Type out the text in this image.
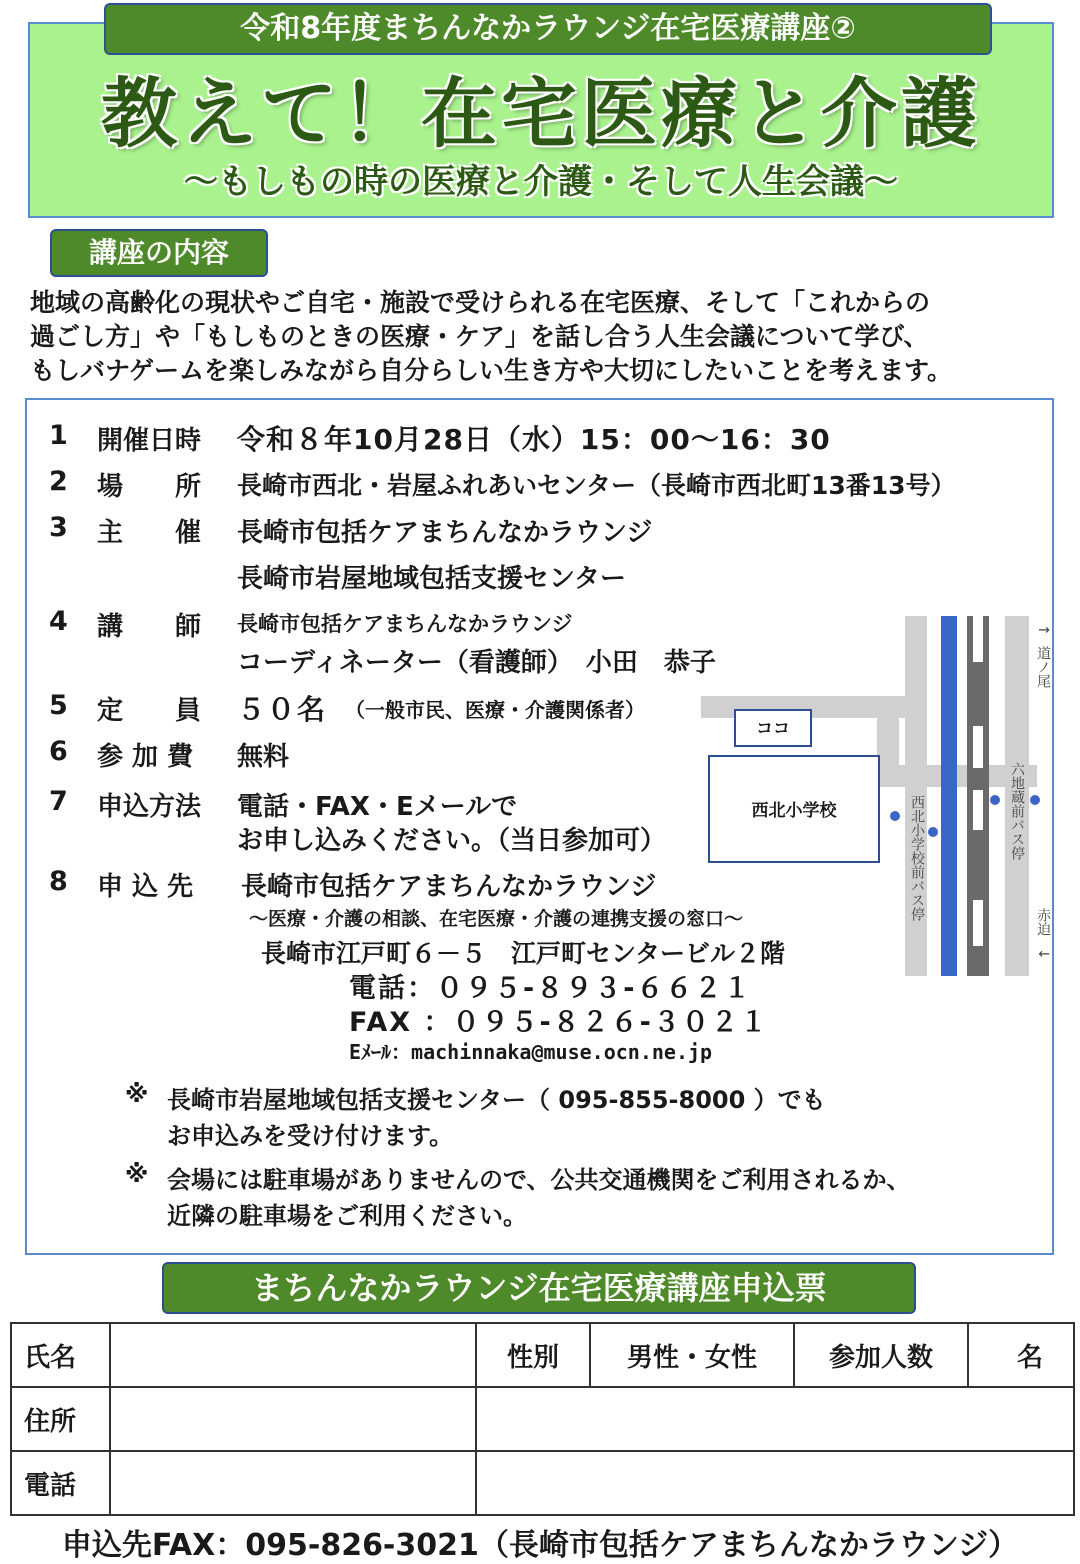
令和8年度まちんなかラウンジ在宅医療講座②
教えて！在宅医療と介護
～もしもの時の医療と介護・そして人生会議～
講座の内容
地域の高齢化の現状やご自宅・施設で受けられる在宅医療、そして「これからの
過ごし方」や「もしものときの医療・ケア」を話し合う人生会議について学び、
もしバナゲームを楽しみながら自分らしい生き方や大切にしたいことを考えます。
1 開催日時 令和８年10月28日（水）15：00～16：30
2 場　　所 長崎市西北・岩屋ふれあいセンター（長崎市西北町13番13号）
3 主　　催 長崎市包括ケアまちんなかラウンジ
長崎市岩屋地域包括支援センター
4 講　　師 長崎市包括ケアまちんなかラウンジ
コーディネーター（看護師）　小田　恭子
5 定　　員 ５０名 （一般市民、医療・介護関係者）
6 参 加 費 無料
7 申込方法 電話・FAX・Eメールで
お申し込みください。（当日参加可）
8 申 込 先 長崎市包括ケアまちんなかラウンジ
～医療・介護の相談、在宅医療・介護の連携支援の窓口～
長崎市江戸町６－５　江戸町センタービル２階
電話：０９５-８９３-６６２１
FAX ：０９５-８２６-３０２１
Eﾒｰﾙ：machinnaka@muse.ocn.ne.jp
※ 長崎市岩屋地域包括支援センター（ 095-855-8000 ）でも
お申込みを受け付けます。
※ 会場には駐車場がありませんので、公共交通機関をご利用されるか、
近隣の駐車場をご利用ください。
ココ
西北小学校	西北小学校前バス停	六地蔵前バス停
↑
道ノ尾
赤迫
↓
まちんなかラウンジ在宅医療講座申込票
氏名		性別	男性・女性	参加人数	名
住所					
電話					
申込先FAX：095-826-3021（長崎市包括ケアまちんなかラウンジ）
